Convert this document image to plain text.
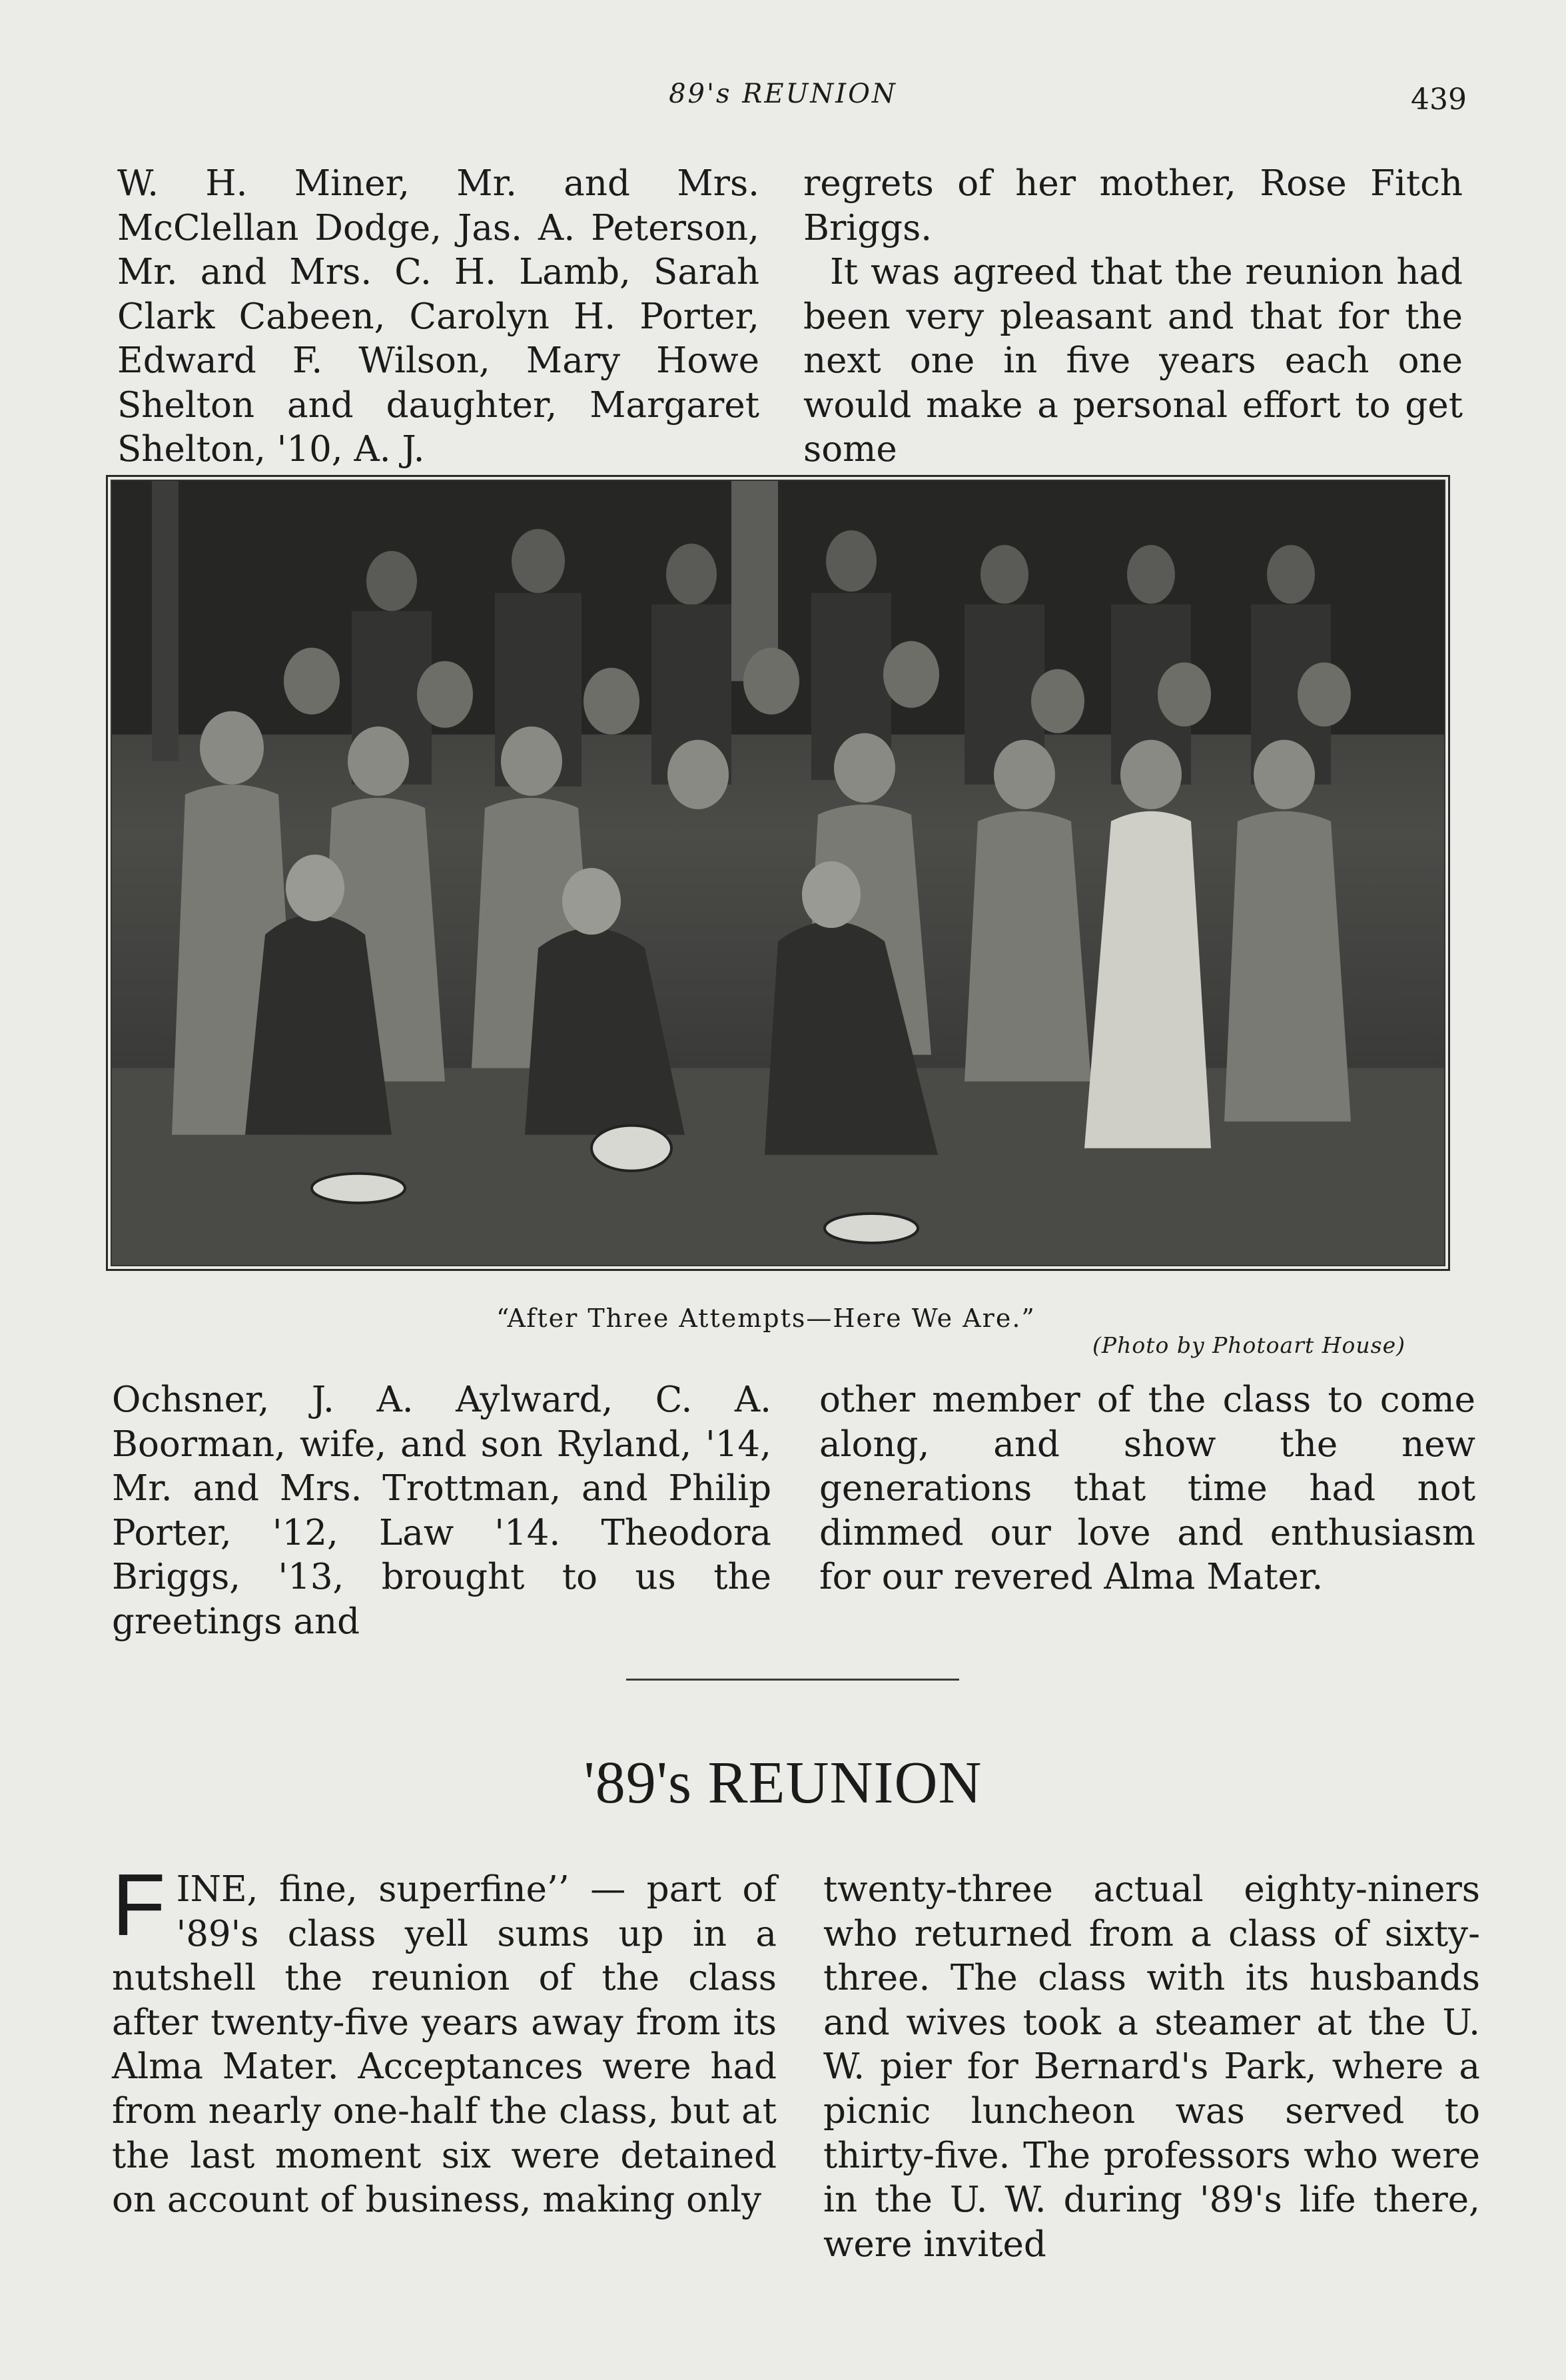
89's REUNION	439

W. H. Miner, Mr. and Mrs. McClellan Dodge, Jas. A. Peterson, Mr. and Mrs. C. H. Lamb, Sarah Clark Cabeen, Carolyn H. Porter, Edward F. Wilson, Mary Howe Shelton and daughter, Margaret Shelton, '10, A. J.

regrets of her mother, Rose Fitch Briggs.

It was agreed that the reunion had been very pleasant and that for the next one in five years each one would make a personal effort to get some

“After Three Attempts—Here We Are.”
(Photo by Photoart House)

Ochsner, J. A. Aylward, C. A. Boorman, wife, and son Ryland, '14, Mr. and Mrs. Trottman, and Philip Porter, '12, Law '14. Theodora Briggs, '13, brought to us the greetings and

other member of the class to come along, and show the new generations that time had not dimmed our love and enthusiasm for our revered Alma Mater.

'89's REUNION

FINE, fine, superfine’’ — part of '89's class yell sums up in a nutshell the reunion of the class after twenty-five years away from its Alma Mater. Acceptances were had from nearly one-half the class, but at the last moment six were detained on account of business, making only

twenty-three actual eighty-niners who returned from a class of sixty-three. The class with its husbands and wives took a steamer at the U. W. pier for Bernard's Park, where a picnic luncheon was served to thirty-five. The professors who were in the U. W. during '89's life there, were invited
